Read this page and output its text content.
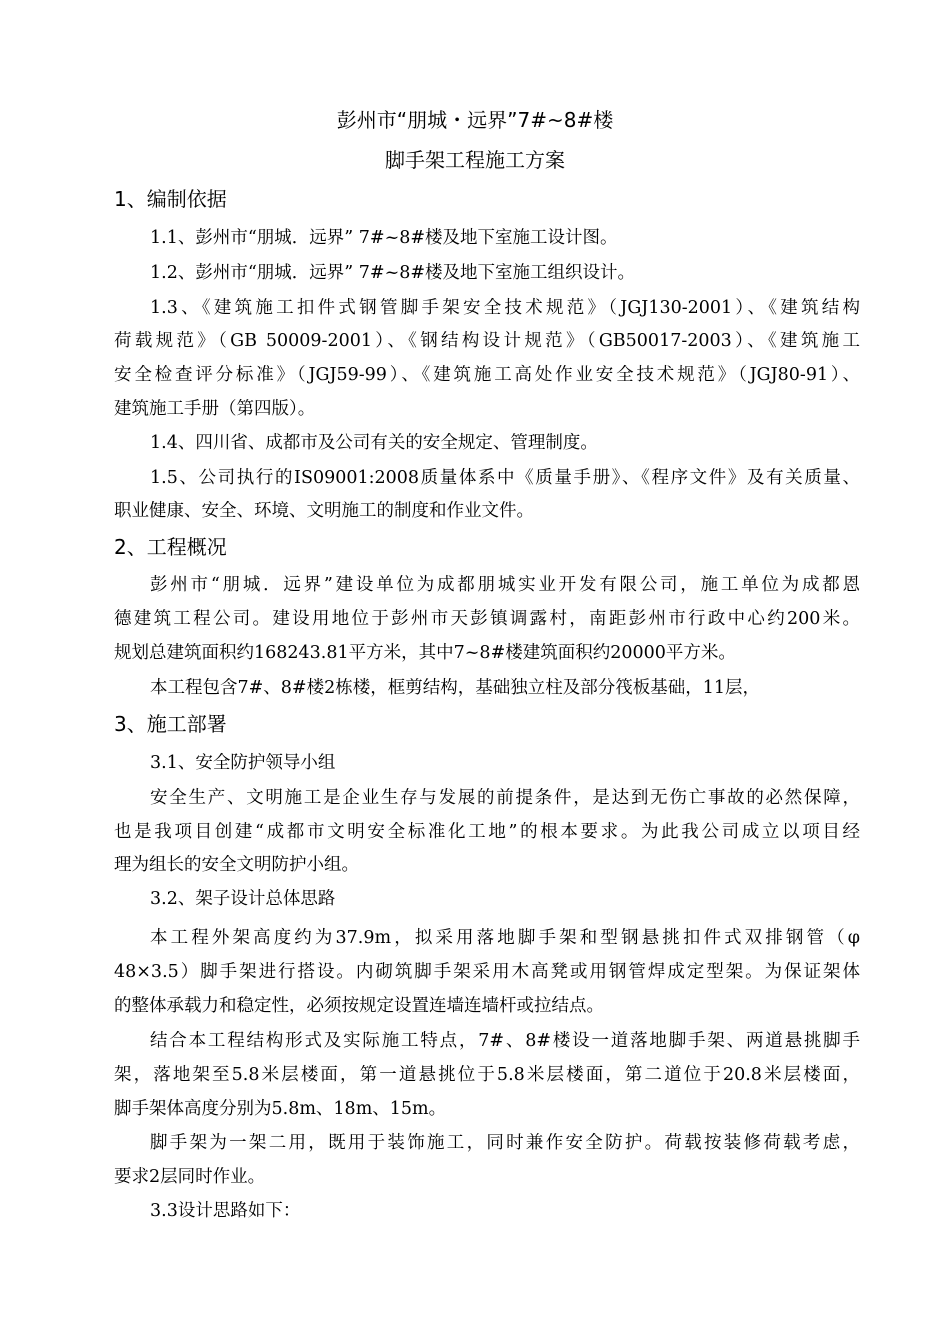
彭州市“朋城・远界”7#~8#楼
脚手架工程施工方案
1、编制依据
1.1、彭州市“朋城．远界” 7#~8#楼及地下室施工设计图。
1.2、彭州市“朋城．远界” 7#~8#楼及地下室施工组织设计。
1.3、《建筑施工扣件式钢管脚手架安全技术规范》（JGJ130-2001）、《建筑结构
荷载规范》（GB 50009-2001）、《钢结构设计规范》（GB50017-2003）、《建筑施工
安全检查评分标准》（JGJ59-99）、《建筑施工高处作业安全技术规范》（JGJ80-91）、
建筑施工手册（第四版）。
1.4、四川省、成都市及公司有关的安全规定、管理制度。
1.5、公司执行的IS09001:2008质量体系中《质量手册》、《程序文件》及有关质量、
职业健康、安全、环境、文明施工的制度和作业文件。
2、工程概况
彭州市“朋城．远界”建设单位为成都朋城实业开发有限公司，施工单位为成都恩
德建筑工程公司。建设用地位于彭州市天彭镇调露村，南距彭州市行政中心约200米。
规划总建筑面积约168243.81平方米，其中7~8#楼建筑面积约20000平方米。
本工程包含7#、8#楼2栋楼，框剪结构，基础独立柱及部分筏板基础，11层，
3、施工部署
3.1、安全防护领导小组
安全生产、文明施工是企业生存与发展的前提条件，是达到无伤亡事故的必然保障，
也是我项目创建“成都市文明安全标准化工地”的根本要求。为此我公司成立以项目经
理为组长的安全文明防护小组。
3.2、架子设计总体思路
本工程外架高度约为37.9m，拟采用落地脚手架和型钢悬挑扣件式双排钢管（φ
48×3.5）脚手架进行搭设。内砌筑脚手架采用木高凳或用钢管焊成定型架。为保证架体
的整体承载力和稳定性，必须按规定设置连墙连墙杆或拉结点。
结合本工程结构形式及实际施工特点，7#、8#楼设一道落地脚手架、两道悬挑脚手
架，落地架至5.8米层楼面，第一道悬挑位于5.8米层楼面，第二道位于20.8米层楼面，
脚手架体高度分别为5.8m、18m、15m。
脚手架为一架二用，既用于装饰施工，同时兼作安全防护。荷载按装修荷载考虑，
要求2层同时作业。
3.3设计思路如下：
